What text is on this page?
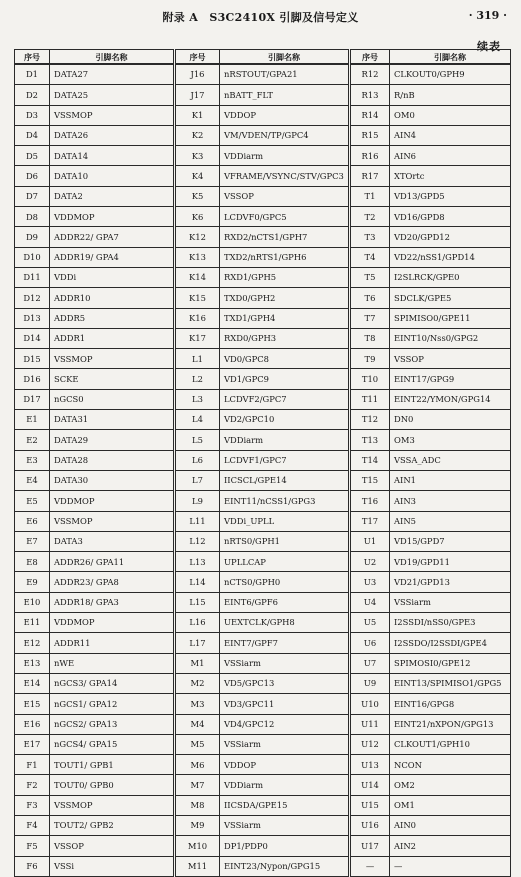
附录 A　S3C2410X 引脚及信号定义	· 319 ·
续表
序号	引脚名称	序号	引脚名称	序号	引脚名称
D1	DATA27	J16	nRSTOUT/GPA21	R12	CLKOUT0/GPH9
D2	DATA25	J17	nBATT_FLT	R13	R/nB
D3	VSSMOP	K1	VDDOP	R14	OM0
D4	DATA26	K2	VM/VDEN/TP/GPC4	R15	AIN4
D5	DATA14	K3	VDDiarm	R16	AIN6
D6	DATA10	K4	VFRAME/VSYNC/STV/GPC3	R17	XTOrtc
D7	DATA2	K5	VSSOP	T1	VD13/GPD5
D8	VDDMOP	K6	LCDVF0/GPC5	T2	VD16/GPD8
D9	ADDR22/ GPA7	K12	RXD2/nCTS1/GPH7	T3	VD20/GPD12
D10	ADDR19/ GPA4	K13	TXD2/nRTS1/GPH6	T4	VD22/nSS1/GPD14
D11	VDDi	K14	RXD1/GPH5	T5	I2SLRCK/GPE0
D12	ADDR10	K15	TXD0/GPH2	T6	SDCLK/GPE5
D13	ADDR5	K16	TXD1/GPH4	T7	SPIMISO0/GPE11
D14	ADDR1	K17	RXD0/GPH3	T8	EINT10/Nss0/GPG2
D15	VSSMOP	L1	VD0/GPC8	T9	VSSOP
D16	SCKE	L2	VD1/GPC9	T10	EINT17/GPG9
D17	nGCS0	L3	LCDVF2/GPC7	T11	EINT22/YMON/GPG14
E1	DATA31	L4	VD2/GPC10	T12	DN0
E2	DATA29	L5	VDDiarm	T13	OM3
E3	DATA28	L6	LCDVF1/GPC7	T14	VSSA_ADC
E4	DATA30	L7	IICSCL/GPE14	T15	AIN1
E5	VDDMOP	L9	EINT11/nCSS1/GPG3	T16	AIN3
E6	VSSMOP	L11	VDDi_UPLL	T17	AIN5
E7	DATA3	L12	nRTS0/GPH1	U1	VD15/GPD7
E8	ADDR26/ GPA11	L13	UPLLCAP	U2	VD19/GPD11
E9	ADDR23/ GPA8	L14	nCTS0/GPH0	U3	VD21/GPD13
E10	ADDR18/ GPA3	L15	EINT6/GPF6	U4	VSSiarm
E11	VDDMOP	L16	UEXTCLK/GPH8	U5	I2SSDI/nSS0/GPE3
E12	ADDR11	L17	EINT7/GPF7	U6	I2SSDO/I2SSDI/GPE4
E13	nWE	M1	VSSiarm	U7	SPIMOSI0/GPE12
E14	nGCS3/ GPA14	M2	VD5/GPC13	U9	EINT13/SPIMISO1/GPG5
E15	nGCS1/ GPA12	M3	VD3/GPC11	U10	EINT16/GPG8
E16	nGCS2/ GPA13	M4	VD4/GPC12	U11	EINT21/nXPON/GPG13
E17	nGCS4/ GPA15	M5	VSSiarm	U12	CLKOUT1/GPH10
F1	TOUT1/ GPB1	M6	VDDOP	U13	NCON
F2	TOUT0/ GPB0	M7	VDDiarm	U14	OM2
F3	VSSMOP	M8	IICSDA/GPE15	U15	OM1
F4	TOUT2/ GPB2	M9	VSSiarm	U16	AIN0
F5	VSSOP	M10	DP1/PDP0	U17	AIN2
F6	VSSi	M11	EINT23/Nypon/GPG15	—	—
